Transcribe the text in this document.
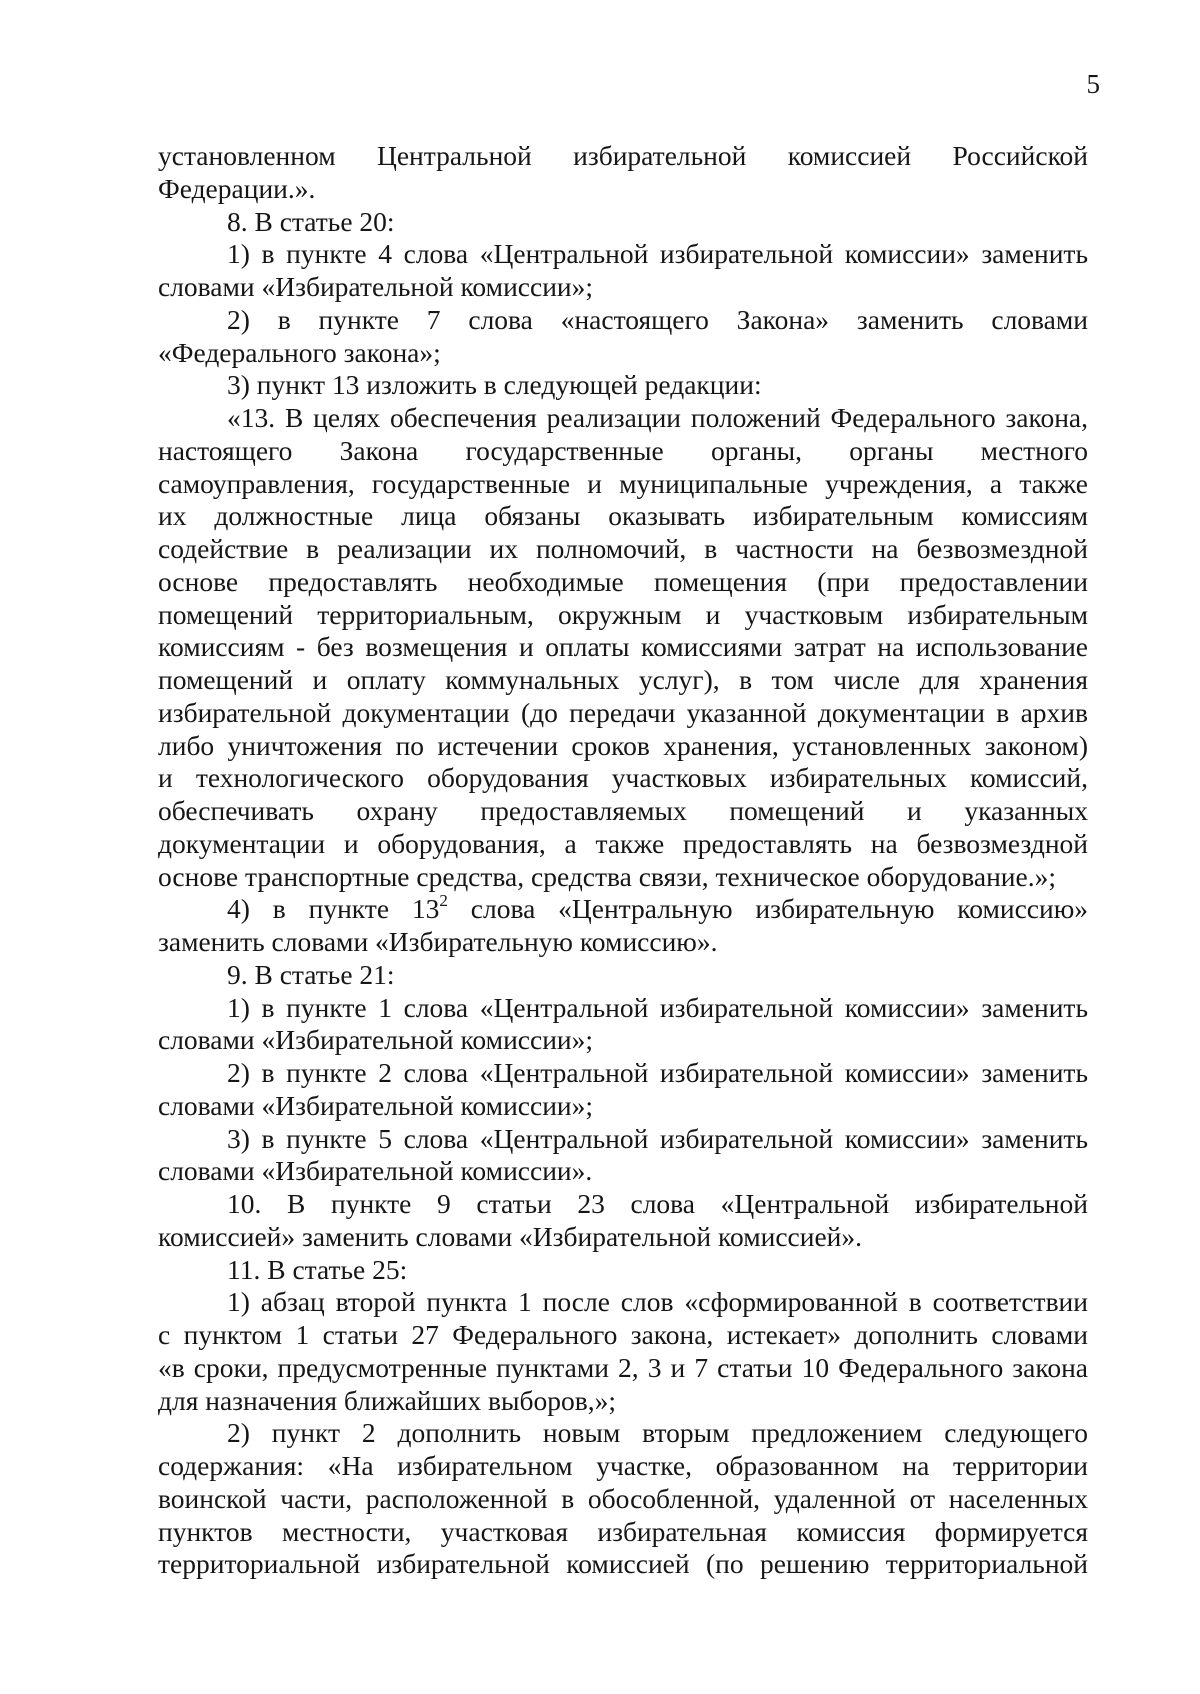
5

установленном Центральной избирательной комиссией Российской
Федерации.».

8. В статье 20:

1) в пункте 4 слова «Центральной избирательной комиссии» заменить
словами «Избирательной комиссии»;

2) в пункте 7 слова «настоящего Закона» заменить словами
«Федерального закона»;

3) пункт 13 изложить в следующей редакции:

«13. В целях обеспечения реализации положений Федерального закона,
настоящего Закона государственные органы, органы местного
самоуправления, государственные и муниципальные учреждения, а также
их должностные лица обязаны оказывать избирательным комиссиям
содействие в реализации их полномочий, в частности на безвозмездной
основе предоставлять необходимые помещения (при предоставлении
помещений территориальным, окружным и участковым избирательным
комиссиям - без возмещения и оплаты комиссиями затрат на использование
помещений и оплату коммунальных услуг), в том числе для хранения
избирательной документации (до передачи указанной документации в архив
либо уничтожения по истечении сроков хранения, установленных законом)
и технологического оборудования участковых избирательных комиссий,
обеспечивать охрану предоставляемых помещений и указанных
документации и оборудования, а также предоставлять на безвозмездной
основе транспортные средства, средства связи, техническое оборудование.»;

4) в пункте $13^2$ слова «Центральную избирательную комиссию»
заменить словами «Избирательную комиссию».

9. В статье 21:

1) в пункте 1 слова «Центральной избирательной комиссии» заменить
словами «Избирательной комиссии»;

2) в пункте 2 слова «Центральной избирательной комиссии» заменить
словами «Избирательной комиссии»;

3) в пункте 5 слова «Центральной избирательной комиссии» заменить
словами «Избирательной комиссии».

10. В пункте 9 статьи 23 слова «Центральной избирательной
комиссией» заменить словами «Избирательной комиссией».

11. В статье 25:

1) абзац второй пункта 1 после слов «сформированной в соответствии
с пунктом 1 статьи 27 Федерального закона, истекает» дополнить словами
«в сроки, предусмотренные пунктами 2, 3 и 7 статьи 10 Федерального закона
для назначения ближайших выборов,»;

2) пункт 2 дополнить новым вторым предложением следующего
содержания: «На избирательном участке, образованном на территории
воинской части, расположенной в обособленной, удаленной от населенных
пунктов местности, участковая избирательная комиссия формируется
территориальной избирательной комиссией (по решению территориальной
